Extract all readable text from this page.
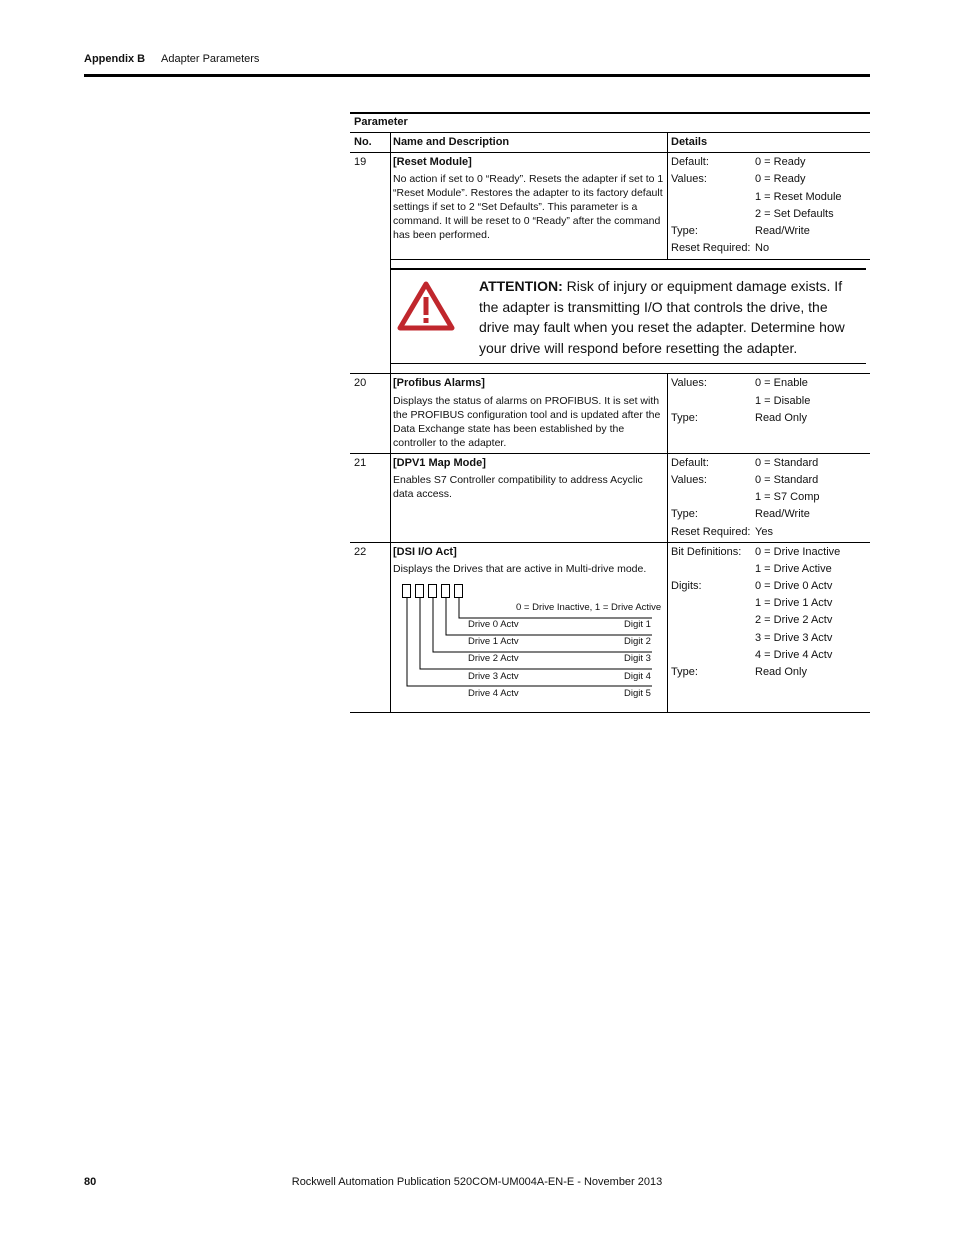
Appendix B Adapter Parameters
Parameter
No. Name and Description	Details
19 [Reset Module]
No action if set to 0 “Ready”. Resets the adapter if set to 1 “Reset Module”. Restores the adapter to its factory default settings if set to 2 “Set Defaults”. This parameter is a command. It will be reset to 0 “Ready” after the command has been performed.
Default:	0 = Ready
Values:	0 = Ready
1 = Reset Module
2 = Set Defaults
Type:	Read/Write
Reset Required: No
ATTENTION: Risk of injury or equipment damage exists. If the adapter is transmitting I/O that controls the drive, the drive may fault when you reset the adapter. Determine how your drive will respond before resetting the adapter.
20 [Profibus Alarms]
Displays the status of alarms on PROFIBUS. It is set with the PROFIBUS configuration tool and is updated after the Data Exchange state has been established by the controller to the adapter.
Values:	0 = Enable
1 = Disable
Type:	Read Only
21 [DPV1 Map Mode]
Enables S7 Controller compatibility to address Acyclic data access.
Default:	0 = Standard
Values:	0 = Standard
1 = S7 Comp
Type:	Read/Write
Reset Required: Yes
22 [DSI I/O Act]
Displays the Drives that are active in Multi-drive mode.
Bit Definitions: 0 = Drive Inactive
1 = Drive Active
Digits:	0 = Drive 0 Actv
1 = Drive 1 Actv
2 = Drive 2 Actv
3 = Drive 3 Actv
4 = Drive 4 Actv
Type:	Read Only
0 = Drive Inactive, 1 = Drive Active
Drive 0 Actv	Digit 1
Drive 1 Actv	Digit 2
Drive 2 Actv	Digit 3
Drive 3 Actv	Digit 4
Drive 4 Actv	Digit 5
80	Rockwell Automation Publication 520COM-UM004A-EN-E - November 2013
